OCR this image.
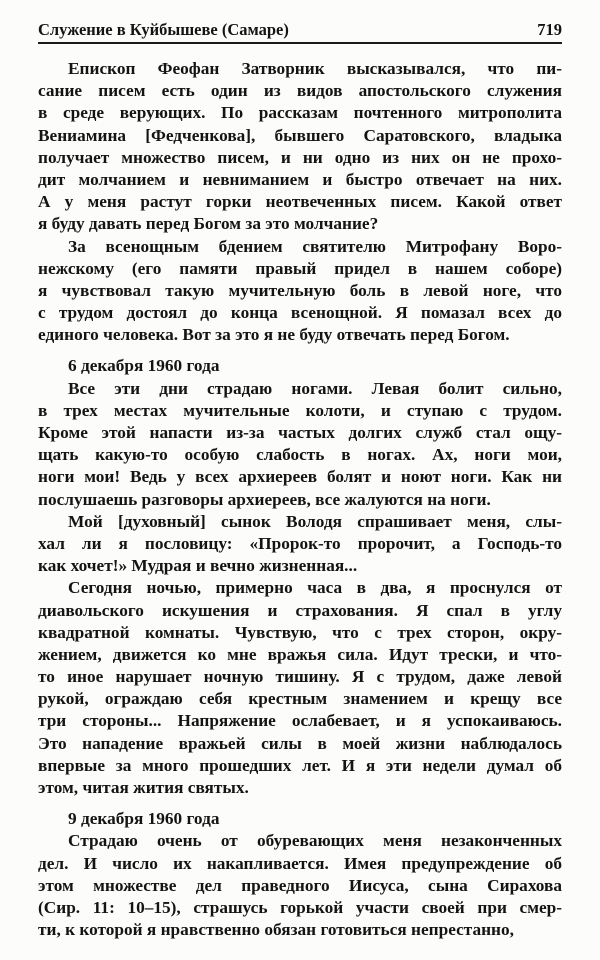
Служение в Куйбышеве (Самаре)	719
Епископ Феофан Затворник высказывался, что пи-
сание писем есть один из видов апостольского служения
в среде верующих. По рассказам почтенного митрополита
Вениамина [Федченкова], бывшего Саратовского, владыка
получает множество писем, и ни одно из них он не прохо-
дит молчанием и невниманием и быстро отвечает на них.
А у меня растут горки неотвеченных писем. Какой ответ
я буду давать перед Богом за это молчание?
За всенощным бдением святителю Митрофану Воро-
нежскому (его памяти правый придел в нашем соборе)
я чувствовал такую мучительную боль в левой ноге, что
с трудом достоял до конца всенощной. Я помазал всех до
единого человека. Вот за это я не буду отвечать перед Богом.
6 декабря 1960 года
Все эти дни страдаю ногами. Левая болит сильно,
в трех местах мучительные колоти, и ступаю с трудом.
Кроме этой напасти из-за частых долгих служб стал ощу-
щать какую-то особую слабость в ногах. Ах, ноги мои,
ноги мои! Ведь у всех архиереев болят и ноют ноги. Как ни
послушаешь разговоры архиереев, все жалуются на ноги.
Мой [духовный] сынок Володя спрашивает меня, слы-
хал ли я пословицу: «Пророк-то пророчит, а Господь-то
как хочет!» Мудрая и вечно жизненная...
Сегодня ночью, примерно часа в два, я проснулся от
диавольского искушения и страхования. Я спал в углу
квадратной комнаты. Чувствую, что с трех сторон, окру-
жением, движется ко мне вражья сила. Идут трески, и что-
то иное нарушает ночную тишину. Я с трудом, даже левой
рукой, ограждаю себя крестным знамением и крещу все
три стороны... Напряжение ослабевает, и я успокаиваюсь.
Это нападение вражьей силы в моей жизни наблюдалось
впервые за много прошедших лет. И я эти недели думал об
этом, читая жития святых.
9 декабря 1960 года
Страдаю очень от обуревающих меня незаконченных
дел. И число их накапливается. Имея предупреждение об
этом множестве дел праведного Иисуса, сына Сирахова
(Сир. 11: 10–15), страшусь горькой участи своей при смер-
ти, к которой я нравственно обязан готовиться непрестанно,
